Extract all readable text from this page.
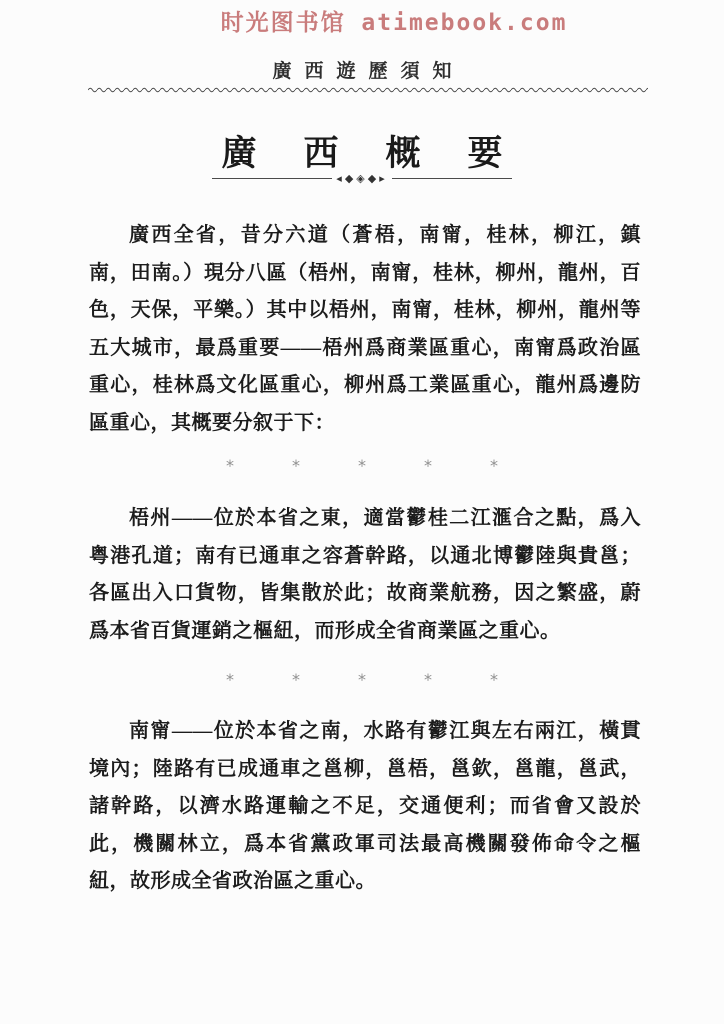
时光图书馆 atimebook.com
廣西遊歷須知
廣西概要
◂◆◈◆▸

廣西全省，昔分六道（蒼梧，南甯，桂林，柳江，鎮南，田南。）現分八區（梧州，南甯，桂林，柳州，龍州，百色，天保，平樂。）其中以梧州，南甯，桂林，柳州，龍州等五大城市，最爲重要——梧州爲商業區重心，南甯爲政治區重心，桂林爲文化區重心，柳州爲工業區重心，龍州爲邊防區重心，其概要分叙于下：

*****

梧州——位於本省之東，適當鬱桂二江滙合之點，爲入粤港孔道；南有已通車之容蒼幹路，以通北博鬱陸與貴邕；各區出入口貨物，皆集散於此；故商業航務，因之繁盛，蔚爲本省百貨運銷之樞紐，而形成全省商業區之重心。

*****

南甯——位於本省之南，水路有鬱江與左右兩江，橫貫境內；陸路有已成通車之邕柳，邕梧，邕欽，邕龍，邕武，諸幹路，以濟水路運輸之不足，交通便利；而省會又設於此，機關林立，爲本省黨政軍司法最高機關發佈命令之樞紐，故形成全省政治區之重心。
